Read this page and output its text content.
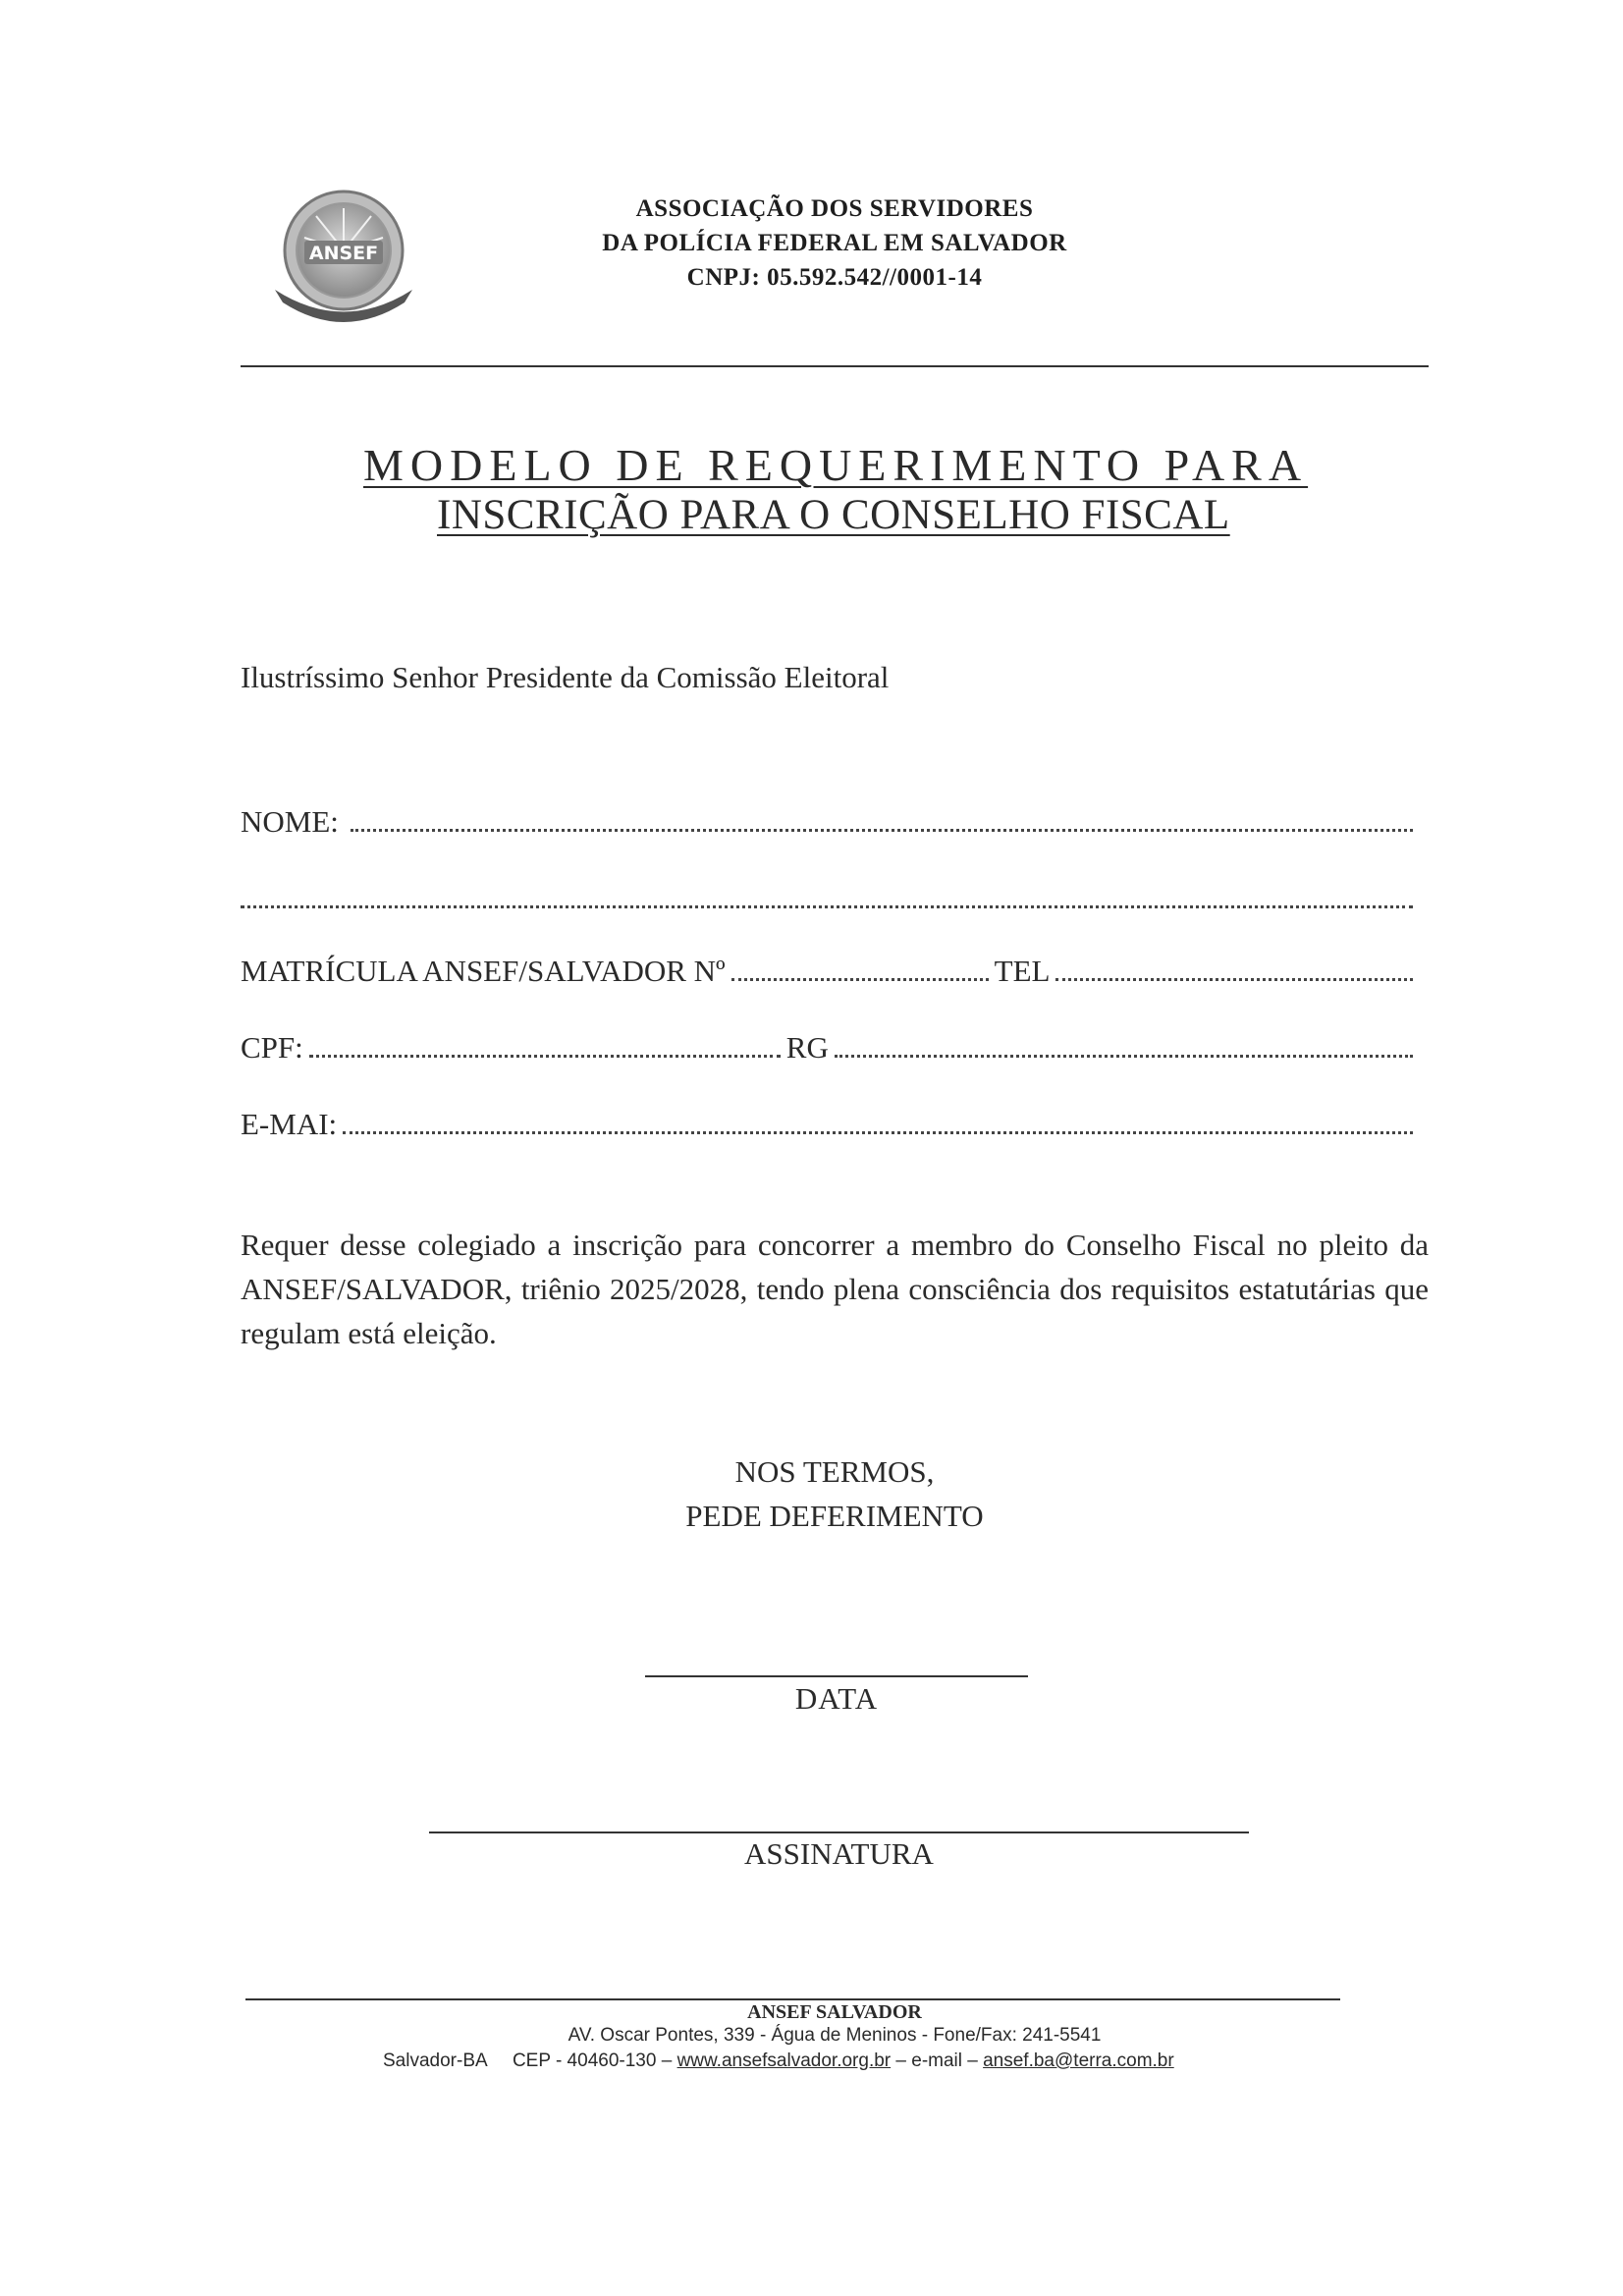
ANSEF
ASSOCIAÇÃO DOS SERVIDORES
DA POLÍCIA FEDERAL EM SALVADOR
CNPJ: 05.592.542//0001-14
MODELO DE REQUERIMENTO PARA
INSCRIÇÃO PARA O CONSELHO FISCAL
Ilustríssimo Senhor Presidente da Comissão Eleitoral
NOME:
MATRÍCULA ANSEF/SALVADOR Nº	TEL
CPF:	RG
E-MAI:
Requer desse colegiado a inscrição para concorrer a membro do Conselho Fiscal no pleito da ANSEF/SALVADOR, triênio 2025/2028, tendo plena consciência dos requisitos estatutárias que regulam está eleição.
NOS TERMOS,
PEDE DEFERIMENTO
DATA
ASSINATURA
ANSEF SALVADOR
AV. Oscar Pontes, 339 - Água de Meninos - Fone/Fax: 241-5541
Salvador-BA CEP - 40460-130 – www.ansefsalvador.org.br – e-mail – ansef.ba@terra.com.br
